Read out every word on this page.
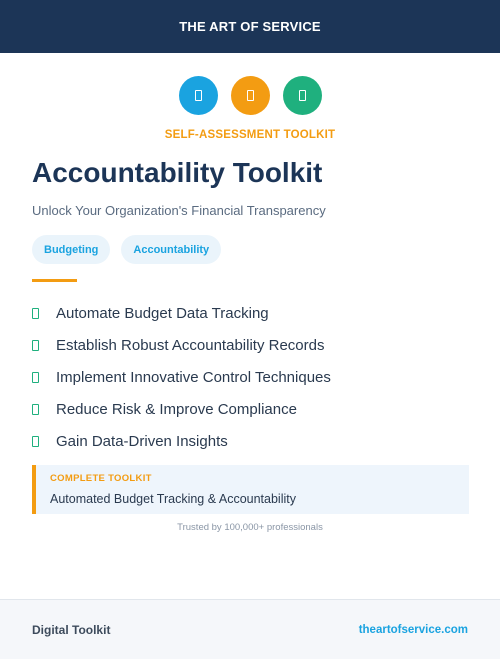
THE ART OF SERVICE
SELF-ASSESSMENT TOOLKIT
Accountability Toolkit

Unlock Your Organization's Financial Transparency

Budgeting	Accountability
Automate Budget Data Tracking
Establish Robust Accountability Records
Implement Innovative Control Techniques
Reduce Risk & Improve Compliance
Gain Data-Driven Insights
COMPLETE TOOLKIT
Automated Budget Tracking & Accountability
Trusted by 100,000+ professionals
Digital Toolkit	theartofservice.com
